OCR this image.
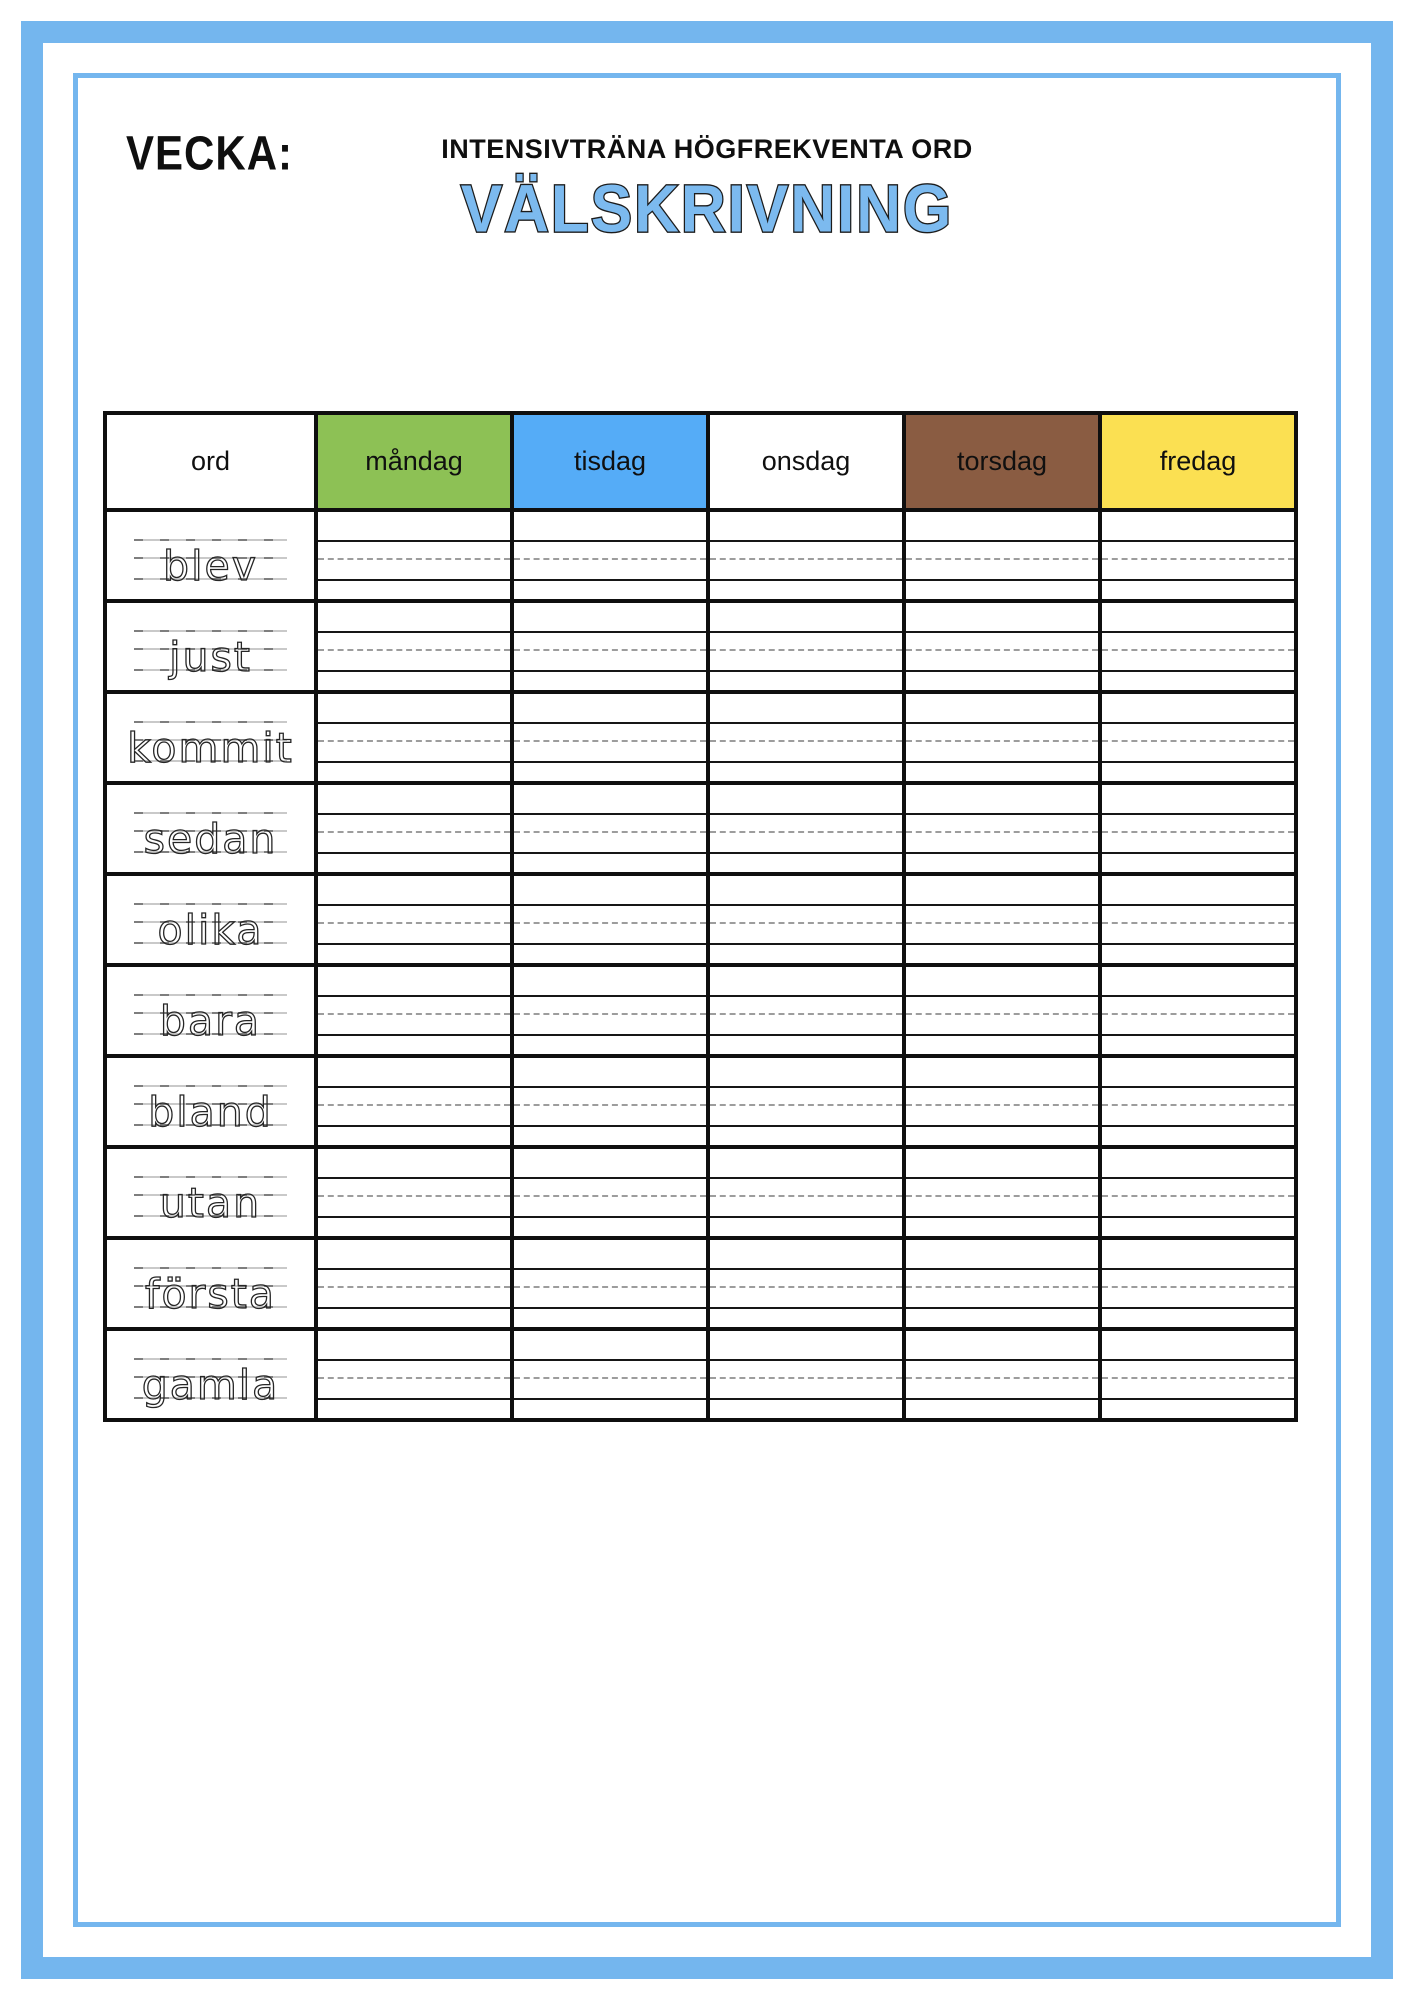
VECKA:	INTENSIVTRÄNA HÖGFREKVENTA ORD
VÄLSKRIVNING
ord	måndag	tisdag	onsdag	torsdag	fredag
blev
just
kommit
sedan
olika
bara
bland
utan
första
gamla
